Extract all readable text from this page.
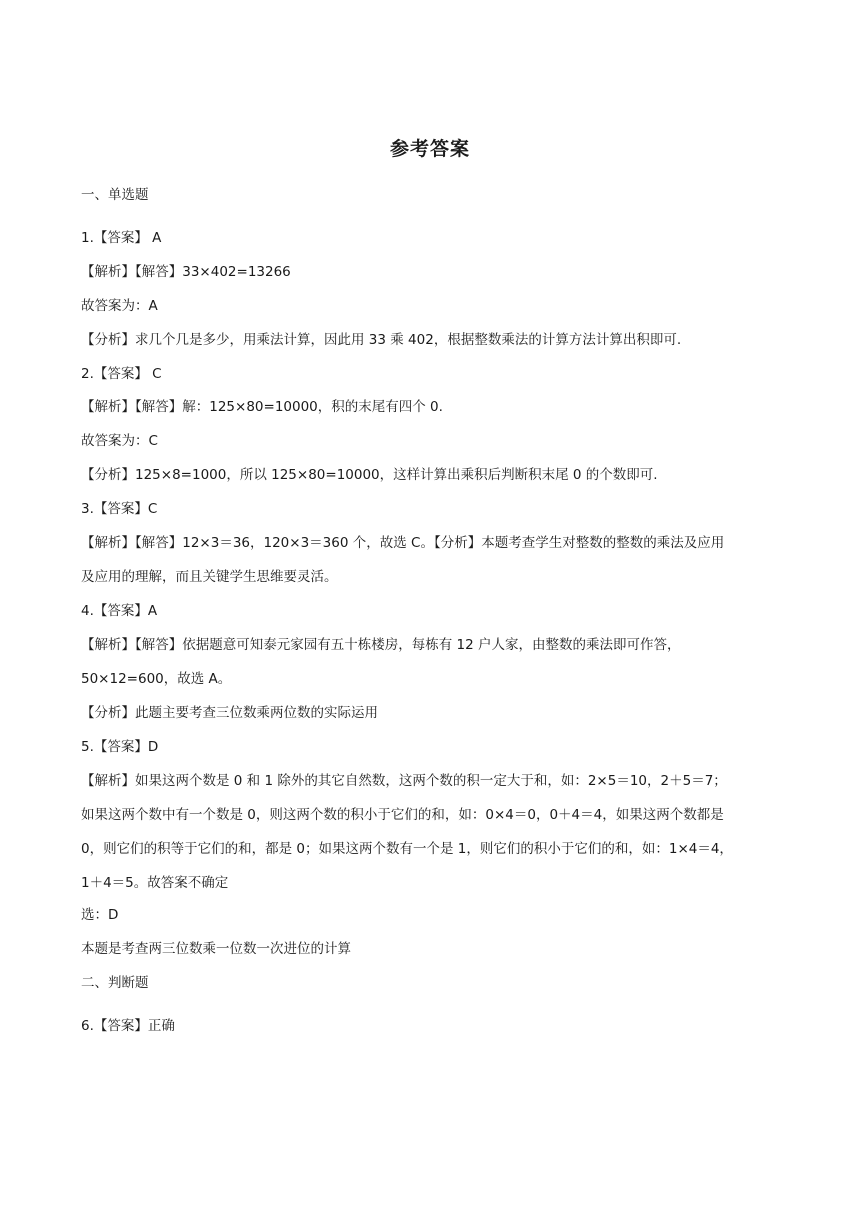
参考答案
一、单选题
1.【答案】 A
【解析】【解答】33×402=13266
故答案为：A
【分析】求几个几是多少，用乘法计算，因此用 33 乘 402，根据整数乘法的计算方法计算出积即可.
2.【答案】 C
【解析】【解答】解：125×80=10000，积的末尾有四个 0.
故答案为：C
【分析】125×8=1000，所以 125×80=10000，这样计算出乘积后判断积末尾 0 的个数即可.
3.【答案】C
【解析】【解答】12×3＝36，120×3＝360 个，故选 C。【分析】本题考查学生对整数的整数的乘法及应用
及应用的理解，而且关键学生思维要灵活。
4.【答案】A
【解析】【解答】依据题意可知泰元家园有五十栋楼房，每栋有 12 户人家，由整数的乘法即可作答，
50×12=600，故选 A。
【分析】此题主要考查三位数乘两位数的实际运用
5.【答案】D
【解析】如果这两个数是 0 和 1 除外的其它自然数，这两个数的积一定大于和，如：2×5＝10，2＋5＝7；
如果这两个数中有一个数是 0，则这两个数的积小于它们的和，如：0×4＝0，0＋4＝4，如果这两个数都是
0，则它们的积等于它们的和，都是 0；如果这两个数有一个是 1，则它们的积小于它们的和，如：1×4＝4，
1＋4＝5。故答案不确定
选：D
本题是考查两三位数乘一位数一次进位的计算
二、判断题
6.【答案】正确
